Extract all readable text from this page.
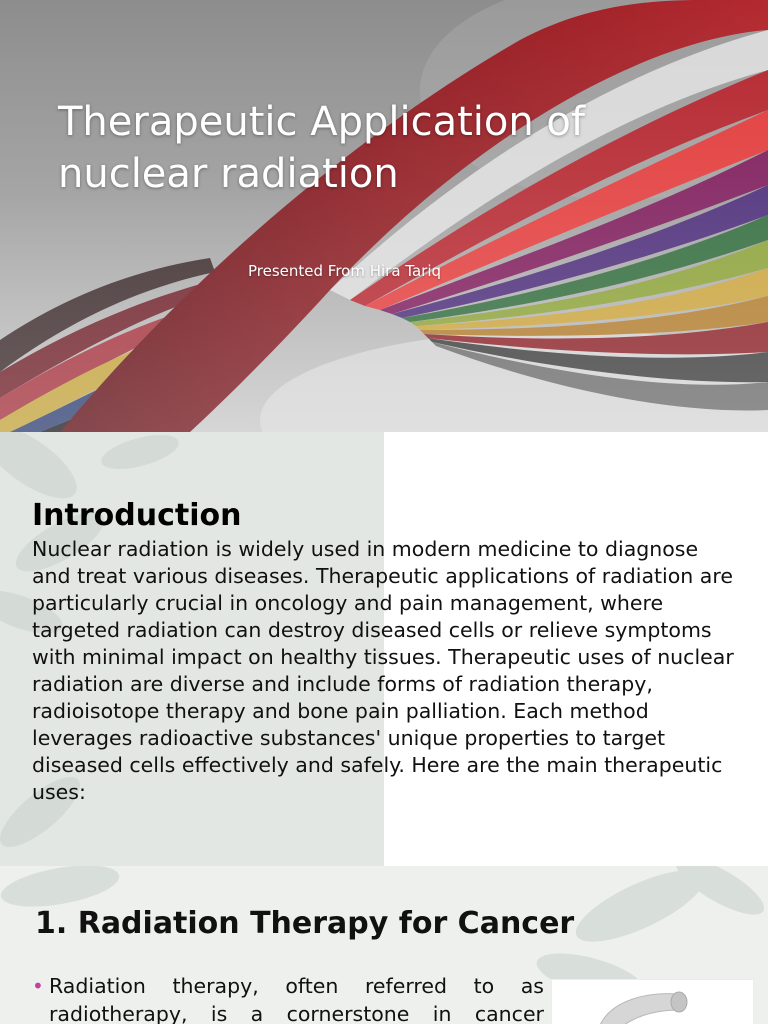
Therapeutic Application of nuclear radiation
Presented From Hira Tariq
Introduction

Nuclear radiation is widely used in modern medicine to diagnose and treat various diseases. Therapeutic applications of radiation are particularly crucial in oncology and pain management, where targeted radiation can destroy diseased cells or relieve symptoms with minimal impact on healthy tissues. Therapeutic uses of nuclear radiation are diverse and include forms of radiation therapy, radioisotope therapy and bone pain palliation. Each method leverages radioactive substances' unique properties to target diseased cells effectively and safely. Here are the main therapeutic uses:

1. Radiation Therapy for Cancer
• Radiation therapy, often referred to as radiotherapy, is a cornerstone in cancer
